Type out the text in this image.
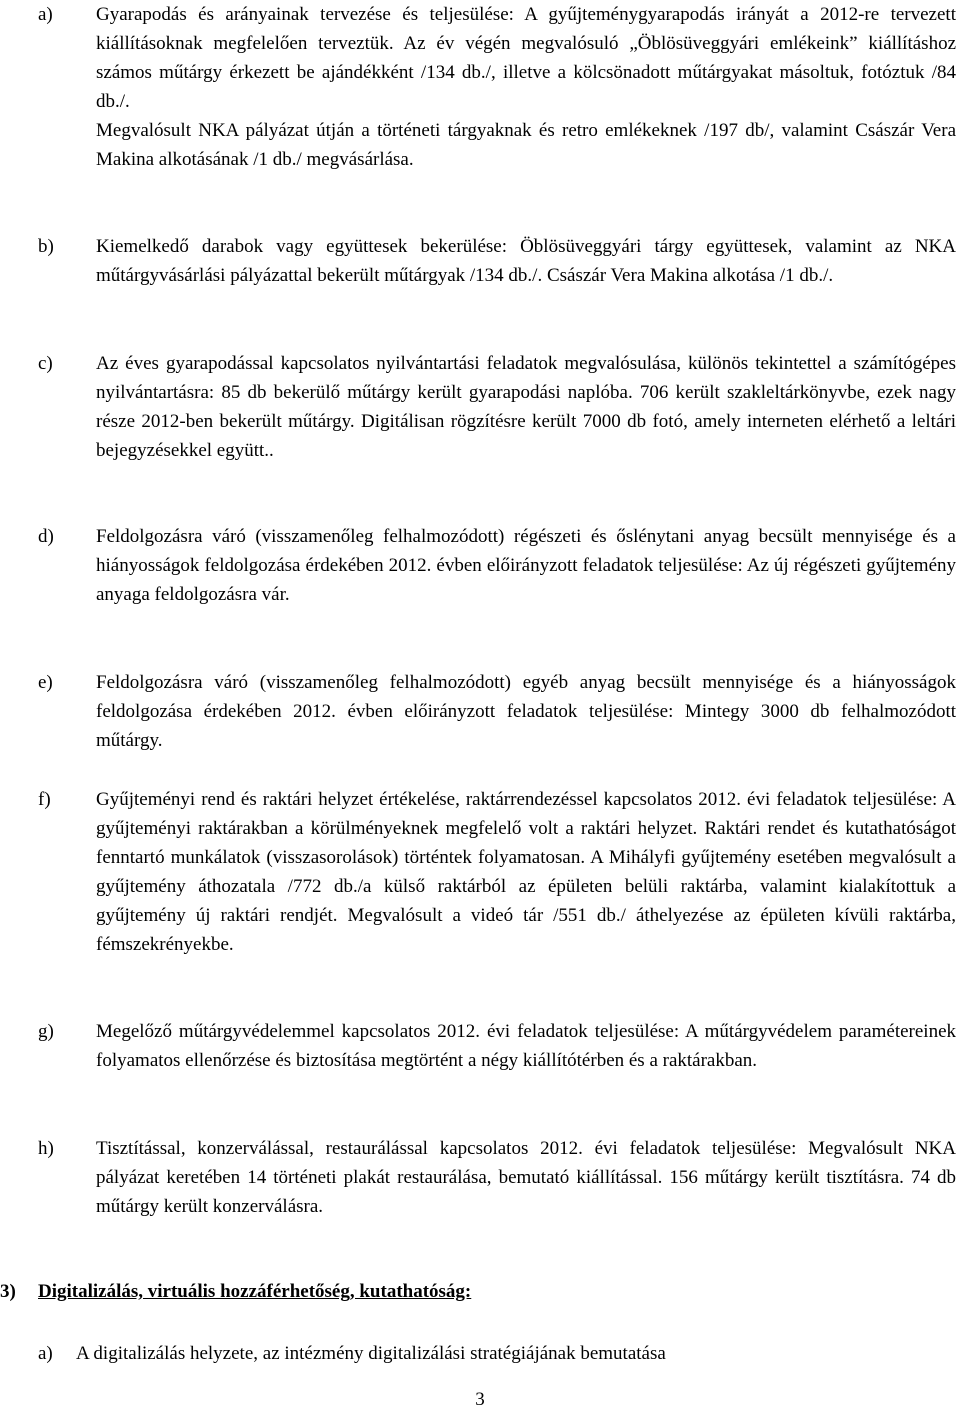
a) Gyarapodás és arányainak tervezése és teljesülése: A gyűjteménygyarapodás irányát a 2012-re tervezett kiállításoknak megfelelően terveztük. Az év végén megvalósuló „Öblösüveggyári emlékeink” kiállításhoz számos műtárgy érkezett be ajándékként /134 db./, illetve a kölcsönadott műtárgyakat másoltuk, fotóztuk /84 db./.

Megvalósult NKA pályázat útján a történeti tárgyaknak és retro emlékeknek /197 db/, valamint Császár Vera Makina alkotásának /1 db./ megvásárlása.

b) Kiemelkedő darabok vagy együttesek bekerülése: Öblösüveggyári tárgy együttesek, valamint az NKA műtárgyvásárlási pályázattal bekerült műtárgyak /134 db./. Császár Vera Makina alkotása /1 db./.

c) Az éves gyarapodással kapcsolatos nyilvántartási feladatok megvalósulása, különös tekintettel a számítógépes nyilvántartásra: 85 db bekerülő műtárgy került gyarapodási naplóba. 706 került szakleltárkönyvbe, ezek nagy része 2012-ben bekerült műtárgy. Digitálisan rögzítésre került 7000 db fotó, amely interneten elérhető a leltári bejegyzésekkel együtt..

d) Feldolgozásra váró (visszamenőleg felhalmozódott) régészeti és őslénytani anyag becsült mennyisége és a hiányosságok feldolgozása érdekében 2012. évben előirányzott feladatok teljesülése: Az új régészeti gyűjtemény anyaga feldolgozásra vár.

e) Feldolgozásra váró (visszamenőleg felhalmozódott) egyéb anyag becsült mennyisége és a hiányosságok feldolgozása érdekében 2012. évben előirányzott feladatok teljesülése: Mintegy 3000 db felhalmozódott műtárgy.

f) Gyűjteményi rend és raktári helyzet értékelése, raktárrendezéssel kapcsolatos 2012. évi feladatok teljesülése: A gyűjteményi raktárakban a körülményeknek megfelelő volt a raktári helyzet. Raktári rendet és kutathatóságot fenntartó munkálatok (visszasorolások) történtek folyamatosan. A Mihályfi gyűjtemény esetében megvalósult a gyűjtemény áthozatala /772 db./a külső raktárból az épületen belüli raktárba, valamint kialakítottuk a gyűjtemény új raktári rendjét. Megvalósult a videó tár /551 db./ áthelyezése az épületen kívüli raktárba, fémszekrényekbe.

g) Megelőző műtárgyvédelemmel kapcsolatos 2012. évi feladatok teljesülése: A műtárgyvédelem paramétereinek folyamatos ellenőrzése és biztosítása megtörtént a négy kiállítótérben és a raktárakban.

h) Tisztítással, konzerválással, restaurálással kapcsolatos 2012. évi feladatok teljesülése: Megvalósult NKA pályázat keretében 14 történeti plakát restaurálása, bemutató kiállítással. 156 műtárgy került tisztításra. 74 db műtárgy került konzerválásra.

3) Digitalizálás, virtuális hozzáférhetőség, kutathatóság:
a) A digitalizálás helyzete, az intézmény digitalizálási stratégiájának bemutatása
3
